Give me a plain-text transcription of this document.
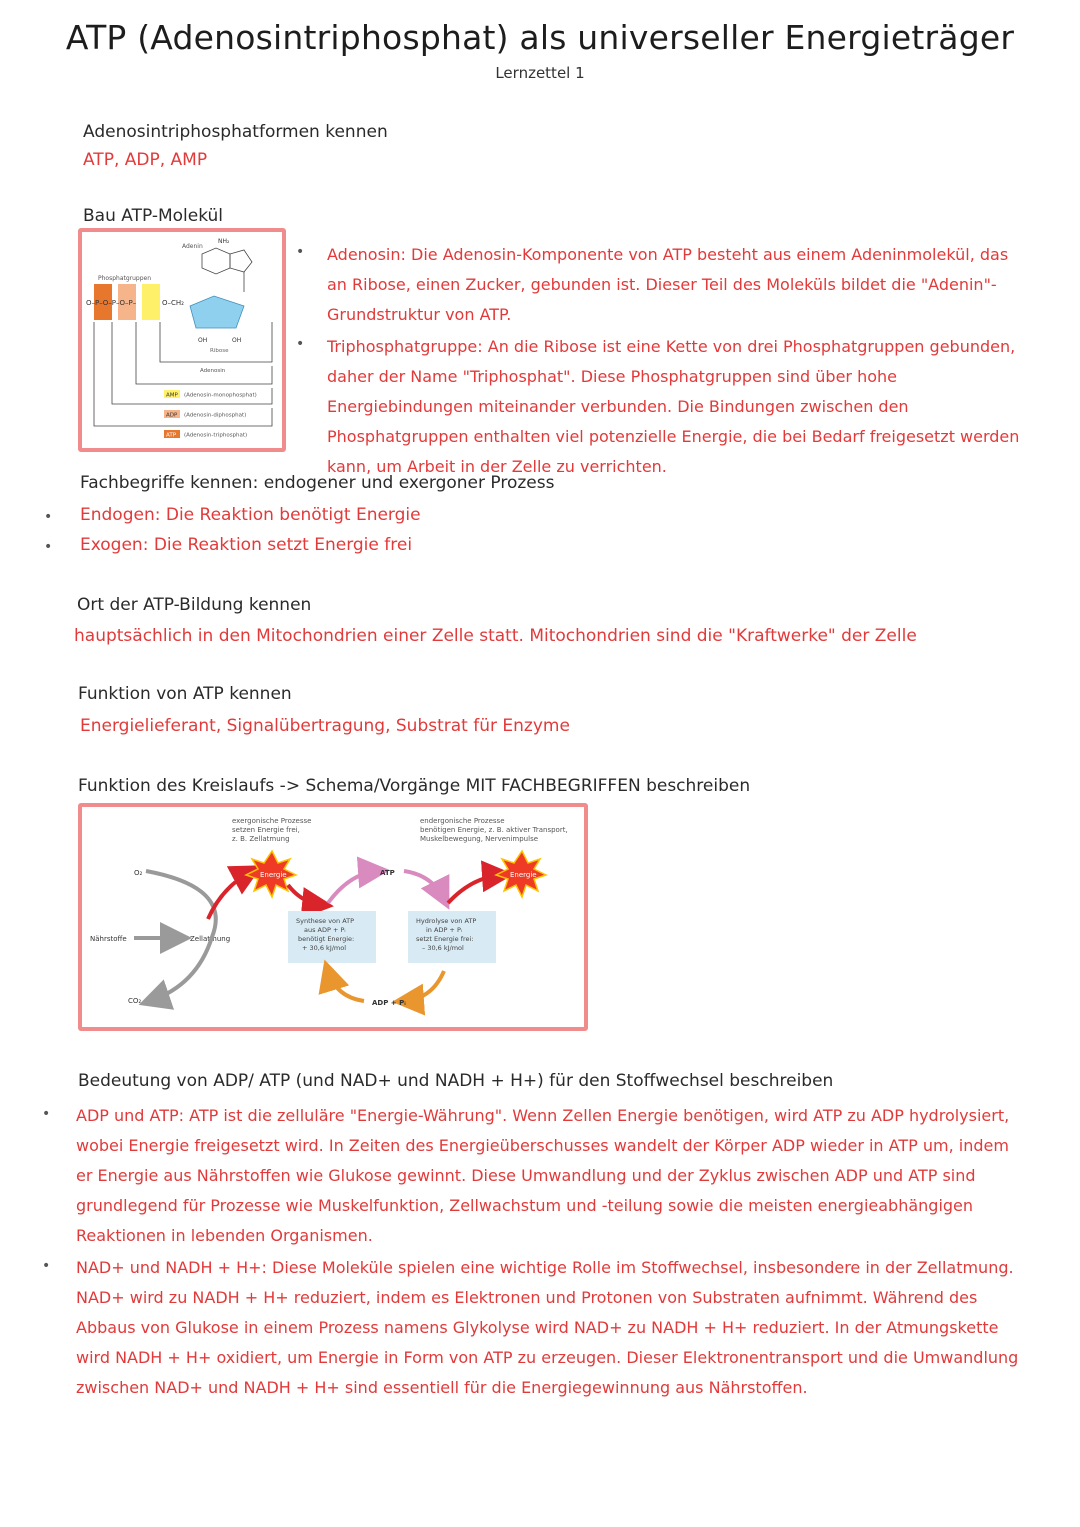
ATP (Adenosintriphosphat) als universeller Energieträger
Lernzettel 1
Adenosintriphosphatformen kennen
ATP, ADP, AMP
Bau ATP-Molekül
Adenin
NH₂
Phosphatgruppen
O–P–O–P–O–P–	O–CH₂
OH	OH
Ribose
Adenosin
AMP (Adenosin-monophosphat)
ADP (Adenosin-diphosphat)
ATP (Adenosin-triphosphat)
• Adenosin: Die Adenosin-Komponente von ATP besteht aus einem Adeninmolekül, das an Ribose, einen Zucker, gebunden ist. Dieser Teil des Moleküls bildet die "Adenin"-Grundstruktur von ATP.
• Triphosphatgruppe: An die Ribose ist eine Kette von drei Phosphatgruppen gebunden, daher der Name "Triphosphat". Diese Phosphatgruppen sind über hohe Energiebindungen miteinander verbunden. Die Bindungen zwischen den Phosphatgruppen enthalten viel potenzielle Energie, die bei Bedarf freigesetzt werden kann, um Arbeit in der Zelle zu verrichten.
Fachbegriffe kennen: endogener und exergoner Prozess
• Endogen: Die Reaktion benötigt Energie
• Exogen: Die Reaktion setzt Energie frei
Ort der ATP-Bildung kennen
hauptsächlich in den Mitochondrien einer Zelle statt. Mitochondrien sind die "Kraftwerke" der Zelle
Funktion von ATP kennen
Energielieferant, Signalübertragung, Substrat für Enzyme
Funktion des Kreislaufs -> Schema/Vorgänge MIT FACHBEGRIFFEN beschreiben
exergonische Prozesse
setzen Energie frei,
z. B. Zellatmung
endergonische Prozesse
benötigen Energie, z. B. aktiver Transport,
Muskelbewegung, Nervenimpulse
O₂
CO₂
Nährstoffe	Zellatmung
Energie	ATP	Energie
Synthese von ATP
aus ADP + Pᵢ
benötigt Energie:
+ 30,6 kJ/mol
Hydrolyse von ATP
in ADP + Pᵢ
setzt Energie frei:
– 30,6 kJ/mol
ADP + Pᵢ
Bedeutung von ADP/ ATP (und NAD+ und NADH + H+) für den Stoffwechsel beschreiben
• ADP und ATP: ATP ist die zelluläre "Energie-Währung". Wenn Zellen Energie benötigen, wird ATP zu ADP hydrolysiert, wobei Energie freigesetzt wird. In Zeiten des Energieüberschusses wandelt der Körper ADP wieder in ATP um, indem er Energie aus Nährstoffen wie Glukose gewinnt. Diese Umwandlung und der Zyklus zwischen ADP und ATP sind grundlegend für Prozesse wie Muskelfunktion, Zellwachstum und -teilung sowie die meisten energieabhängigen Reaktionen in lebenden Organismen.
• NAD+ und NADH + H+: Diese Moleküle spielen eine wichtige Rolle im Stoffwechsel, insbesondere in der Zellatmung. NAD+ wird zu NADH + H+ reduziert, indem es Elektronen und Protonen von Substraten aufnimmt. Während des Abbaus von Glukose in einem Prozess namens Glykolyse wird NAD+ zu NADH + H+ reduziert. In der Atmungskette wird NADH + H+ oxidiert, um Energie in Form von ATP zu erzeugen. Dieser Elektronentransport und die Umwandlung zwischen NAD+ und NADH + H+ sind essentiell für die Energiegewinnung aus Nährstoffen.
